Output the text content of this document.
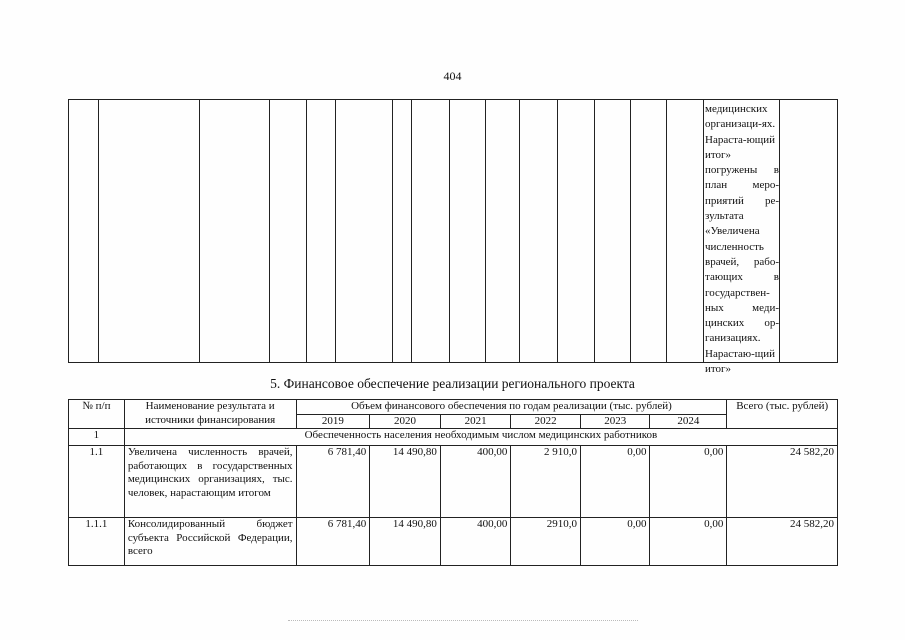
404
медицинских организаци-ях. Нараста-ющий итог» погружены в план меро-приятий ре-зультата «Увеличена численность врачей, рабо-тающих в государствен-ных меди-цинских ор-ганизациях. Нарастаю-щий итог»
5. Финансовое обеспечение реализации регионального проекта
№ п/п	Наименование результата и источники финансирования	Объем финансового обеспечения по годам реализации (тыс. рублей)						Всего (тыс. рублей)
		2019	2020	2021	2022	2023	2024	
1	Обеспеченность населения необходимым числом медицинских работников							
1.1	Увеличена численность врачей, работающих в государственных медицинских организациях, тыс. человек, нарастающим итогом	6 781,40	14 490,80	400,00	2 910,0	0,00	0,00	24 582,20
1.1.1	Консолидированный бюджет субъекта Российской Федерации, всего	6 781,40	14 490,80	400,00	2910,0	0,00	0,00	24 582,20
